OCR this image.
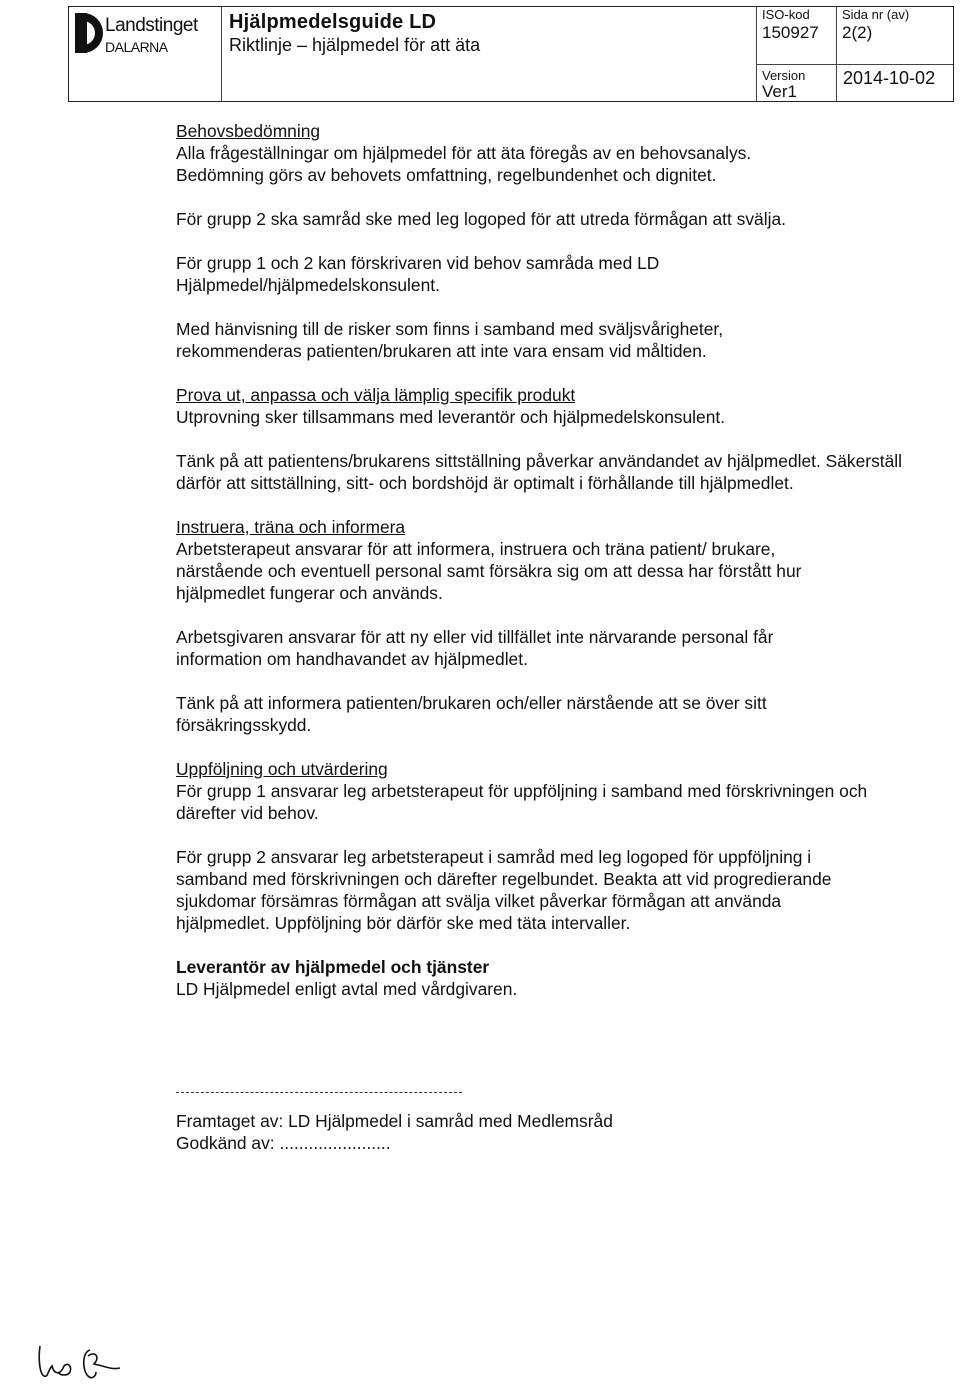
Landstinget
DALARNA
Hjälpmedelsguide LD
Riktlinje – hjälpmedel för att äta
ISO-kod
150927
Sida nr (av)
2(2)
Version
Ver1
2014-10-02

Behovsbedömning

Alla frågeställningar om hjälpmedel för att äta föregås av en behovsanalys. Bedömning görs av behovets omfattning, regelbundenhet och dignitet.

För grupp 2 ska samråd ske med leg logoped för att utreda förmågan att svälja.

För grupp 1 och 2 kan förskrivaren vid behov samråda med LD Hjälpmedel/hjälpmedelskonsulent.

Med hänvisning till de risker som finns i samband med sväljsvårigheter, rekommenderas patienten/brukaren att inte vara ensam vid måltiden.

Prova ut, anpassa och välja lämplig specifik produkt

Utprovning sker tillsammans med leverantör och hjälpmedelskonsulent.

Tänk på att patientens/brukarens sittställning påverkar användandet av hjälpmedlet. Säkerställ därför att sittställning, sitt- och bordshöjd är optimalt i förhållande till hjälpmedlet.

Instruera, träna och informera

Arbetsterapeut ansvarar för att informera, instruera och träna patient/ brukare, närstående och eventuell personal samt försäkra sig om att dessa har förstått hur hjälpmedlet fungerar och används.

Arbetsgivaren ansvarar för att ny eller vid tillfället inte närvarande personal får information om handhavandet av hjälpmedlet.

Tänk på att informera patienten/brukaren och/eller närstående att se över sitt försäkringsskydd.

Uppföljning och utvärdering

För grupp 1 ansvarar leg arbetsterapeut för uppföljning i samband med förskrivningen och därefter vid behov.

För grupp 2 ansvarar leg arbetsterapeut i samråd med leg logoped för uppföljning i samband med förskrivningen och därefter regelbundet. Beakta att vid progredierande sjukdomar försämras förmågan att svälja vilket påverkar förmågan att använda hjälpmedlet. Uppföljning bör därför ske med täta intervaller.

Leverantör av hjälpmedel och tjänster

LD Hjälpmedel enligt avtal med vårdgivaren.

Framtaget av: LD Hjälpmedel i samråd med Medlemsråd

Godkänd av: .......................
